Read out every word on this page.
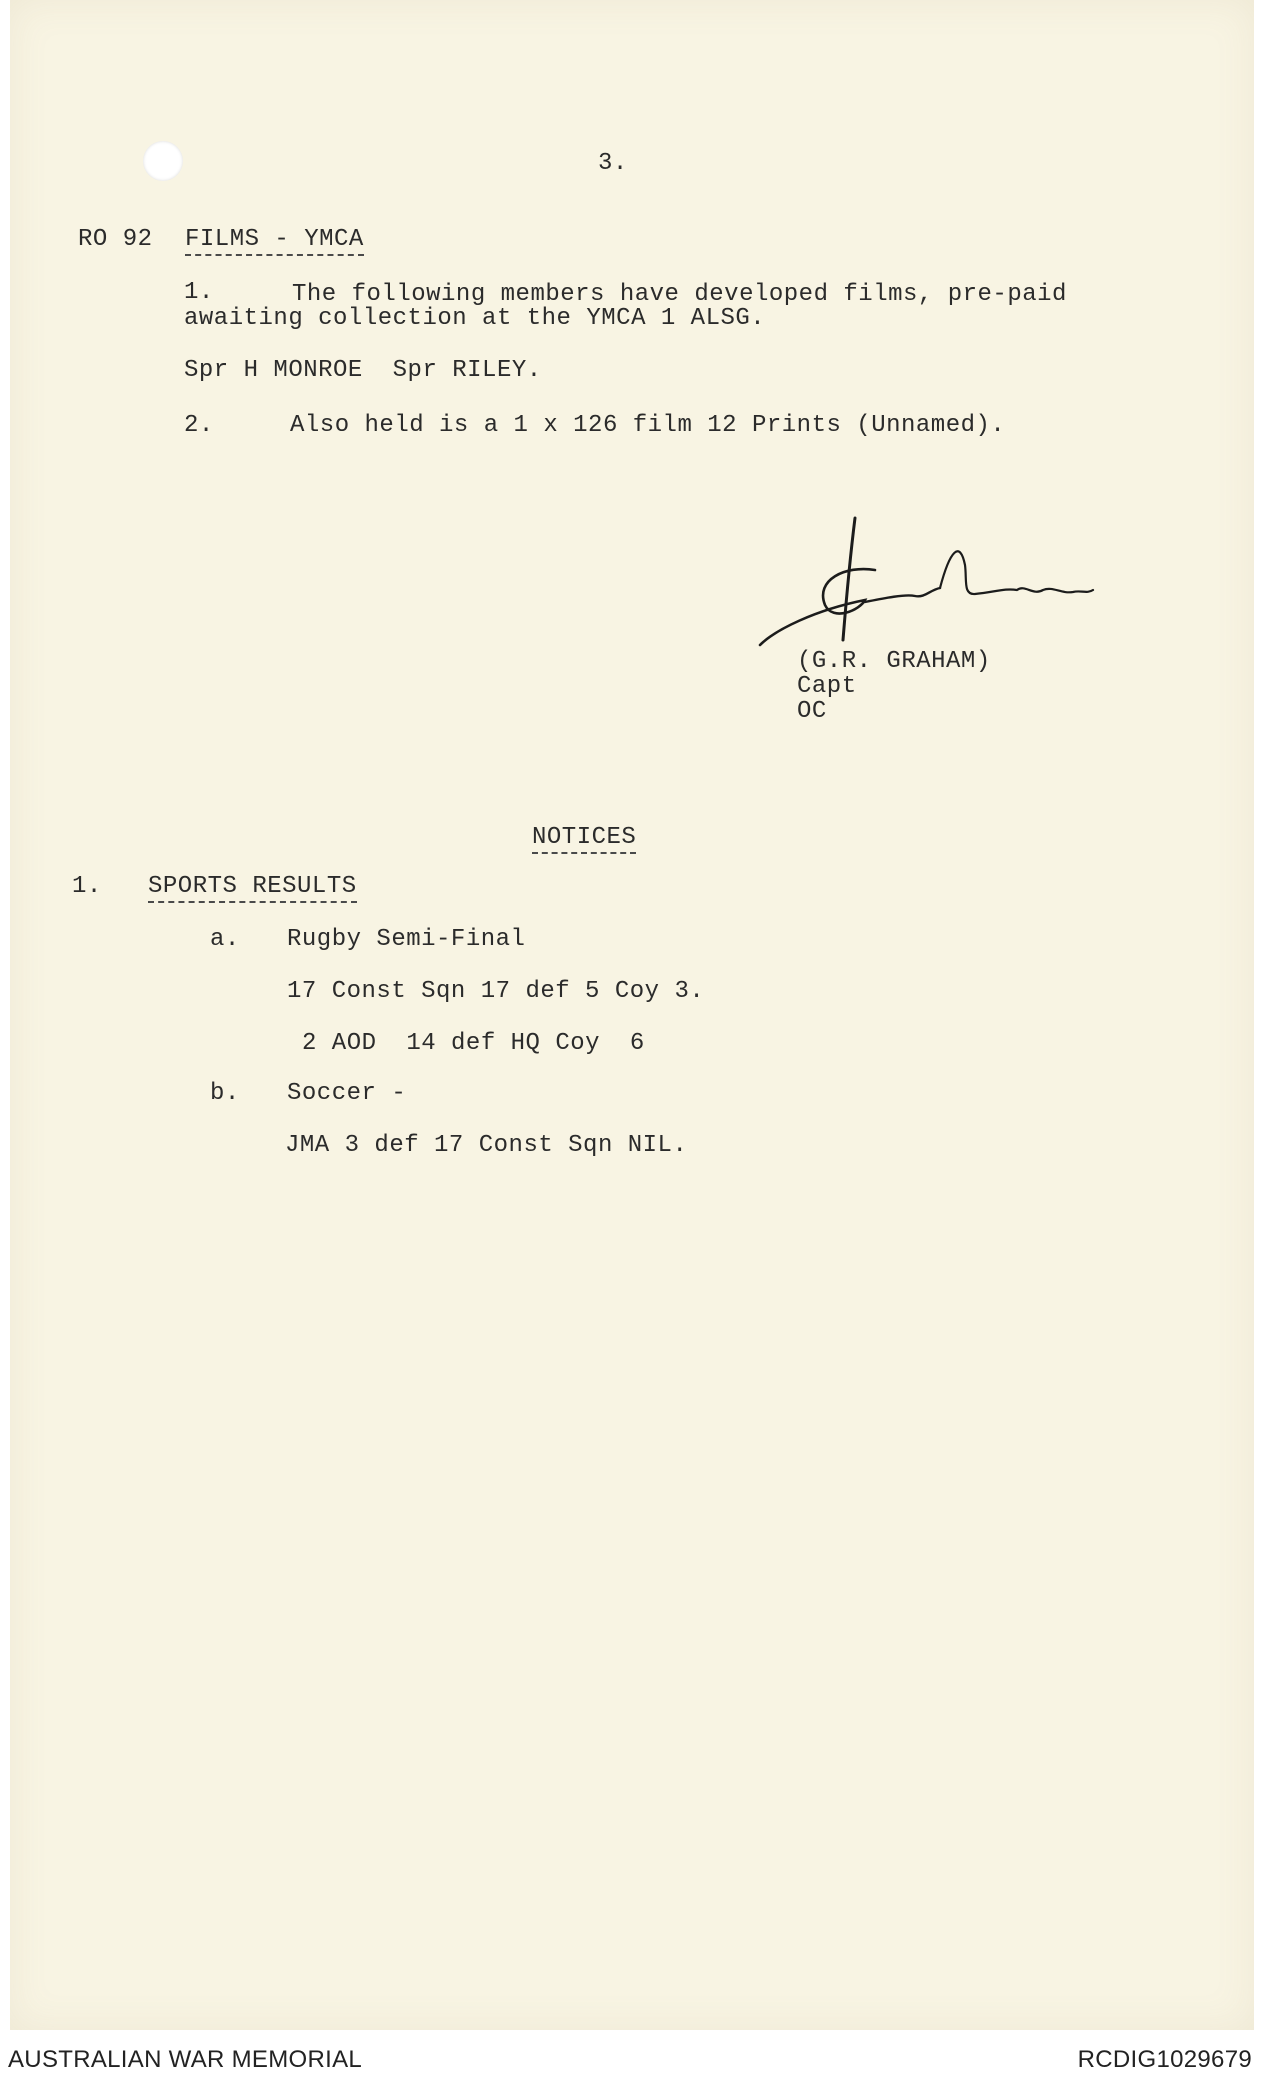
3.
RO 92 FILMS - YMCA
1.	The following members have developed films, pre-paid
awaiting collection at the YMCA 1 ALSG.
Spr H MONROE  Spr RILEY.
2.	Also held is a 1 x 126 film 12 Prints (Unnamed).
(G.R. GRAHAM)
Capt
OC
NOTICES
1. SPORTS RESULTS
a. Rugby Semi-Final
17 Const Sqn 17 def 5 Coy 3.
2 AOD  14 def HQ Coy  6
b. Soccer -
JMA 3 def 17 Const Sqn NIL.
AUSTRALIAN WAR MEMORIAL	RCDIG1029679
